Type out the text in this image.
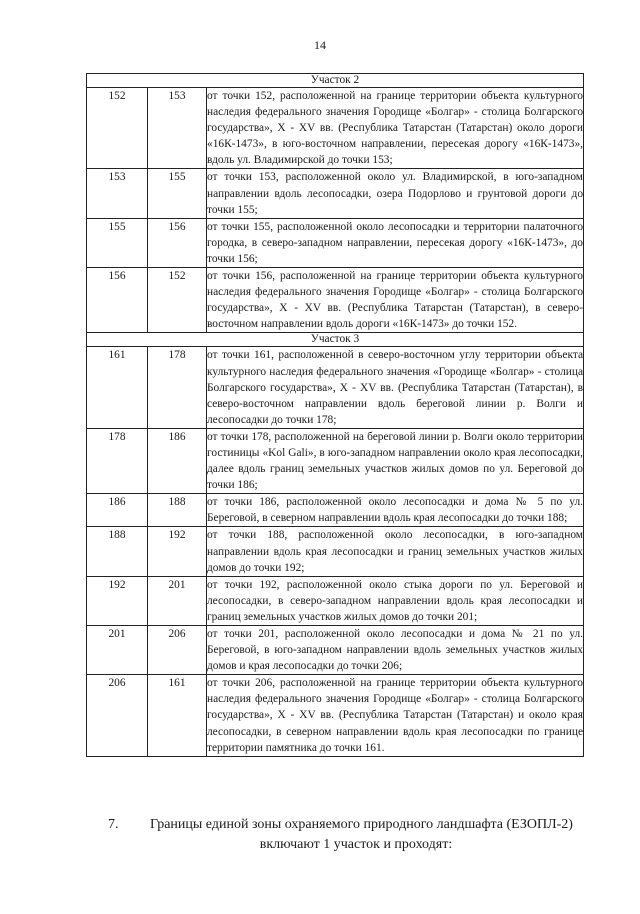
14
Участок 2		
152	153	от точки 152, расположенной на границе территории объекта культурного наследия федерального значения Городище «Болгар» - столица Болгарского государства», X - XV вв. (Республика Татарстан (Татарстан) около дороги «16К-1473», в юго-восточном направлении, пересекая дорогу «16К-1473», вдоль ул. Владимирской до точки 153;
153	155	от точки 153, расположенной около ул. Владимирской, в юго-западном направлении вдоль лесопосадки, озера Подорлово и грунтовой дороги до точки 155;
155	156	от точки 155, расположенной около лесопосадки и территории палаточного городка, в северо-западном направлении, пересекая дорогу «16К-1473», до точки 156;
156	152	от точки 156, расположенной на границе территории объекта культурного наследия федерального значения Городище «Болгар» - столица Болгарского государства», X - XV вв. (Республика Татарстан (Татарстан), в северо-восточном направлении вдоль дороги «16К-1473» до точки 152.
Участок 3		
161	178	от точки 161, расположенной в северо-восточном углу территории объекта культурного наследия федерального значения «Городище «Болгар» - столица Болгарского государства», X - XV вв. (Республика Татарстан (Татарстан), в северо-восточном направлении вдоль береговой линии р. Волги и лесопосадки до точки 178;
178	186	от точки 178, расположенной на береговой линии р. Волги около территории гостиницы «Kol Gali», в юго-западном направлении около края лесопосадки, далее вдоль границ земельных участков жилых домов по ул. Береговой до точки 186;
186	188	от точки 186, расположенной около лесопосадки и дома № 5 по ул. Береговой, в северном направлении вдоль края лесопосадки до точки 188;
188	192	от точки 188, расположенной около лесопосадки, в юго-западном направлении вдоль края лесопосадки и границ земельных участков жилых домов до точки 192;
192	201	от точки 192, расположенной около стыка дороги по ул. Береговой и лесопосадки, в северо-западном направлении вдоль края лесопосадки и границ земельных участков жилых домов до точки 201;
201	206	от точки 201, расположенной около лесопосадки и дома № 21 по ул. Береговой, в юго-западном направлении вдоль земельных участков жилых домов и края лесопосадки до точки 206;
206	161	от точки 206, расположенной на границе территории объекта культурного наследия федерального значения Городище «Болгар» - столица Болгарского государства», X - XV вв. (Республика Татарстан (Татарстан) и около края лесопосадки, в северном направлении вдоль края лесопосадки по границе территории памятника до точки 161.
7. Границы единой зоны охраняемого природного ландшафта (ЕЗОПЛ-2)
включают 1 участок и проходят:
